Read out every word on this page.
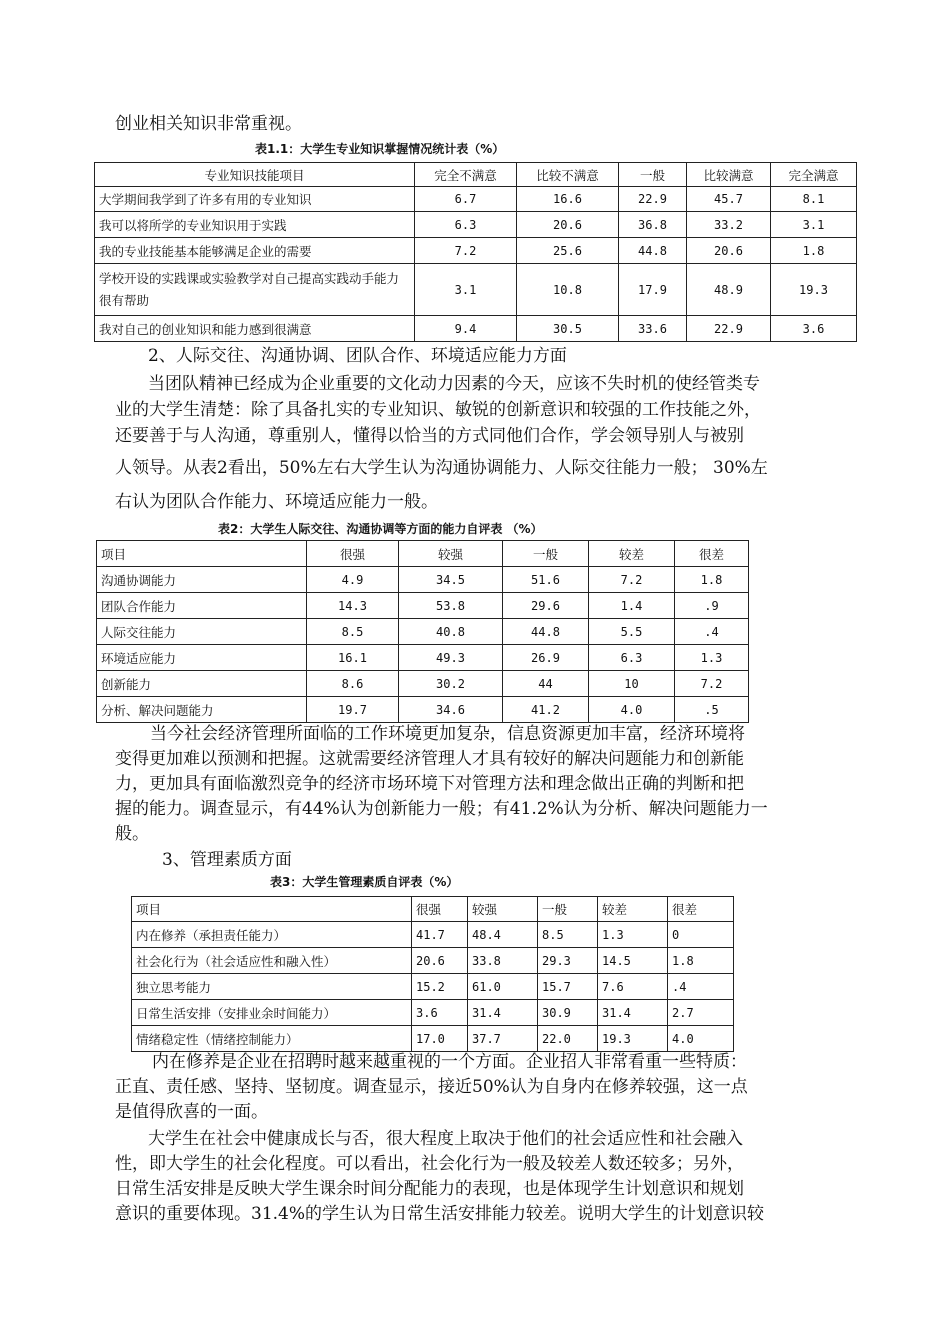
创业相关知识非常重视。
表1.1：大学生专业知识掌握情况统计表（%）
专业知识技能项目	完全不满意	比较不满意	一般	比较满意	完全满意
大学期间我学到了许多有用的专业知识	6.7	16.6	22.9	45.7	8.1
我可以将所学的专业知识用于实践	6.3	20.6	36.8	33.2	3.1
我的专业技能基本能够满足企业的需要	7.2	25.6	44.8	20.6	1.8
学校开设的实践课或实验教学对自己提高实践动手能力很有帮助	3.1	10.8	17.9	48.9	19.3
我对自己的创业知识和能力感到很满意	9.4	30.5	33.6	22.9	3.6
2、人际交往、沟通协调、团队合作、环境适应能力方面
当团队精神已经成为企业重要的文化动力因素的今天，应该不失时机的使经管类专
业的大学生清楚：除了具备扎实的专业知识、敏锐的创新意识和较强的工作技能之外，
还要善于与人沟通，尊重别人，懂得以恰当的方式同他们合作，学会领导别人与被别
人领导。从表2看出，50%左右大学生认为沟通协调能力、人际交往能力一般； 30%左
右认为团队合作能力、环境适应能力一般。
表2：大学生人际交往、沟通协调等方面的能力自评表 （%）
项目	很强	较强	一般	较差	很差
沟通协调能力	4.9	34.5	51.6	7.2	1.8
团队合作能力	14.3	53.8	29.6	1.4	.9
人际交往能力	8.5	40.8	44.8	5.5	.4
环境适应能力	16.1	49.3	26.9	6.3	1.3
创新能力	8.6	30.2	44	10	7.2
分析、解决问题能力	19.7	34.6	41.2	4.0	.5
当今社会经济管理所面临的工作环境更加复杂，信息资源更加丰富，经济环境将
变得更加难以预测和把握。这就需要经济管理人才具有较好的解决问题能力和创新能
力，更加具有面临激烈竞争的经济市场环境下对管理方法和理念做出正确的判断和把
握的能力。调查显示，有44%认为创新能力一般；有41.2%认为分析、解决问题能力一
般。
3、管理素质方面
表3：大学生管理素质自评表（%）
项目	很强	较强	一般	较差	很差
内在修养（承担责任能力）	41.7	48.4	8.5	1.3	0
社会化行为（社会适应性和融入性）	20.6	33.8	29.3	14.5	1.8
独立思考能力	15.2	61.0	15.7	7.6	.4
日常生活安排（安排业余时间能力）	3.6	31.4	30.9	31.4	2.7
情绪稳定性（情绪控制能力）	17.0	37.7	22.0	19.3	4.0
内在修养是企业在招聘时越来越重视的一个方面。企业招人非常看重一些特质：
正直、责任感、坚持、坚韧度。调查显示，接近50%认为自身内在修养较强，这一点
是值得欣喜的一面。
大学生在社会中健康成长与否，很大程度上取决于他们的社会适应性和社会融入
性，即大学生的社会化程度。可以看出，社会化行为一般及较差人数还较多；另外，
日常生活安排是反映大学生课余时间分配能力的表现，也是体现学生计划意识和规划
意识的重要体现。31.4%的学生认为日常生活安排能力较差。说明大学生的计划意识较
